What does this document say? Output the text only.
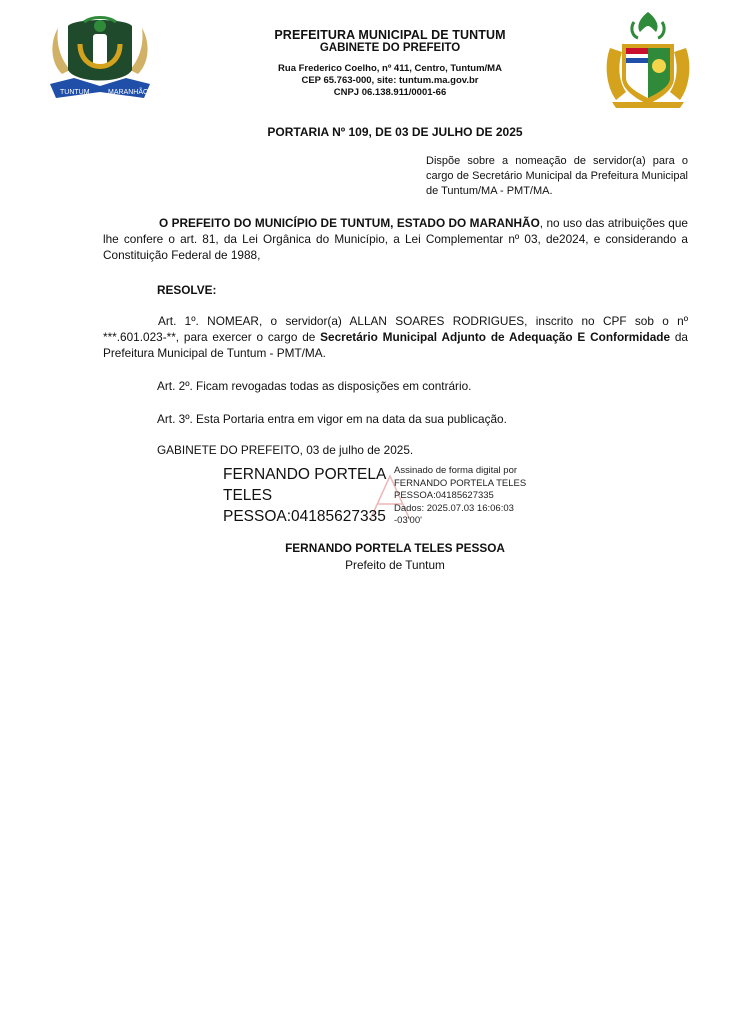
TUNTUM	MARANHÃO
PREFEITURA MUNICIPAL DE TUNTUM
GABINETE DO PREFEITO
Rua Frederico Coelho, nº 411, Centro, Tuntum/MA
CEP 65.763-000, site: tuntum.ma.gov.br
CNPJ 06.138.911/0001-66
PORTARIA Nº 109, DE 03 DE JULHO DE 2025
Dispõe sobre a nomeação de servidor(a) para o cargo de Secretário Municipal da Prefeitura Municipal de Tuntum/MA - PMT/MA.
O PREFEITO DO MUNICÍPIO DE TUNTUM, ESTADO DO MARANHÃO, no uso das atribuições que lhe confere o art. 81, da Lei Orgânica do Município, a Lei Complementar nº 03, de2024, e considerando a Constituição Federal de 1988,
RESOLVE:
Art. 1º. NOMEAR, o servidor(a) ALLAN SOARES RODRIGUES, inscrito no CPF sob o nº ***.601.023-**, para exercer o cargo de Secretário Municipal Adjunto de Adequação E Conformidade da Prefeitura Municipal de Tuntum - PMT/MA.
Art. 2º. Ficam revogadas todas as disposições em contrário.
Art. 3º. Esta Portaria entra em vigor em na data da sua publicação.
GABINETE DO PREFEITO, 03 de julho de 2025.
FERNANDO PORTELA
TELES
PESSOA:04185627335
Assinado de forma digital por
FERNANDO PORTELA TELES
PESSOA:04185627335
Dados: 2025.07.03 16:06:03
-03'00'
FERNANDO PORTELA TELES PESSOA
Prefeito de Tuntum
